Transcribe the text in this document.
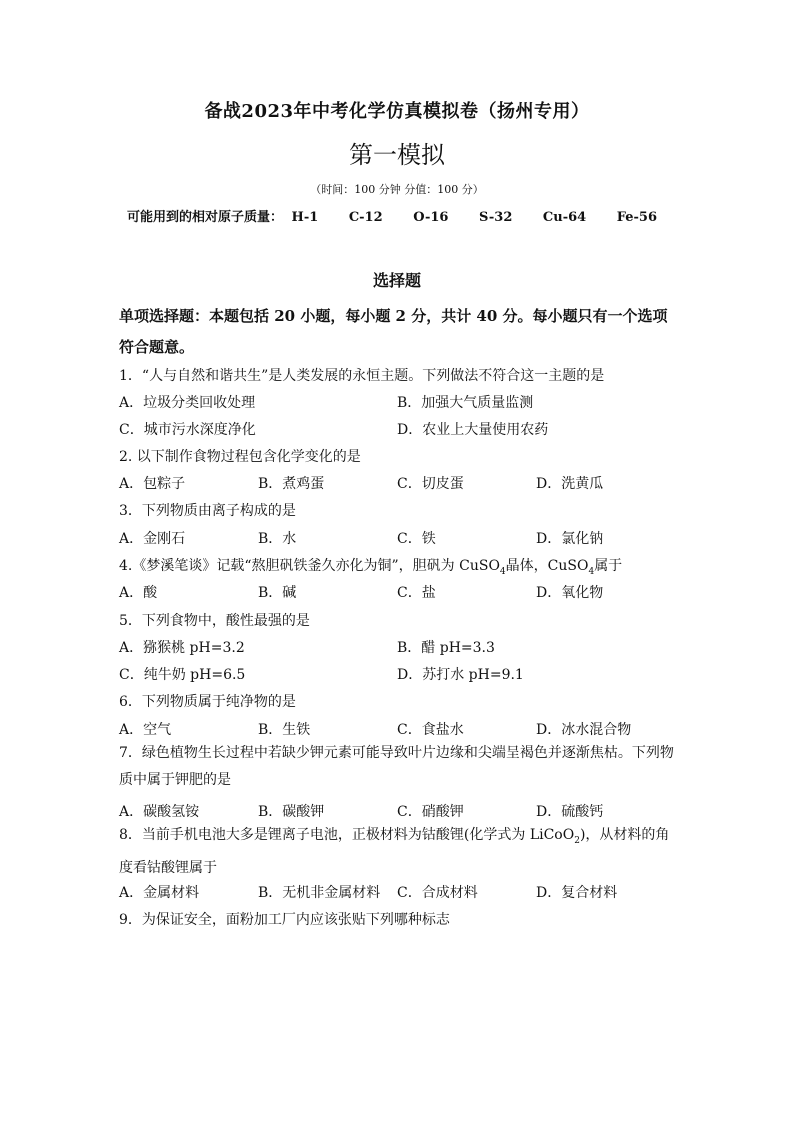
备战2023年中考化学仿真模拟卷（扬州专用）
第一模拟
（时间：100 分钟 分值：100 分）
可能用到的相对原子质量： H-1 C-12 O-16 S-32 Cu-64 Fe-56
选择题
单项选择题：本题包括 20 小题，每小题 2 分，共计 40 分。每小题只有一个选项符合题意。
1．“人与自然和谐共生”是人类发展的永恒主题。下列做法不符合这一主题的是
A．垃圾分类回收处理	B．加强大气质量监测
C．城市污水深度净化	D．农业上大量使用农药
2. 以下制作食物过程包含化学变化的是
A．包粽子	B．煮鸡蛋	C．切皮蛋	D．洗黄瓜
3．下列物质由离子构成的是
A．金刚石	B．水	C．铁	D．氯化钠
4.《梦溪笔谈》记载“熬胆矾铁釜久亦化为铜”，胆矾为 CuSO$_4$晶体，CuSO$_4$属于
A．酸	B．碱	C．盐	D．氧化物
5．下列食物中，酸性最强的是
A．猕猴桃 pH=3.2	B．醋 pH=3.3
C．纯牛奶 pH=6.5	D．苏打水 pH=9.1
6．下列物质属于纯净物的是
A．空气	B．生铁	C．食盐水	D．冰水混合物
7．绿色植物生长过程中若缺少钾元素可能导致叶片边缘和尖端呈褐色并逐渐焦枯。下列物质中属于钾肥的是
A．碳酸氢铵	B．碳酸钾	C．硝酸钾	D．硫酸钙
8．当前手机电池大多是锂离子电池，正极材料为钴酸锂(化学式为 LiCoO$_2$)，从材料的角度看钴酸锂属于
A．金属材料	B．无机非金属材料 C．合成材料	D．复合材料
9．为保证安全，面粉加工厂内应该张贴下列哪种标志
